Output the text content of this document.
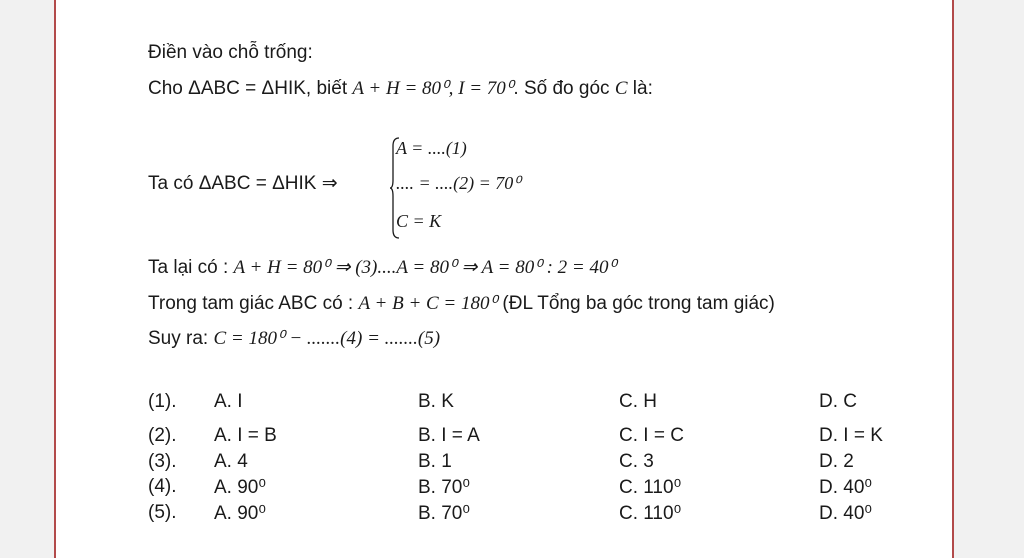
Điền vào chỗ trống:
Cho ΔABC = ΔHIK, biết A + H = 80⁰, I = 70⁰. Số đo góc C là:
Ta có ΔABC = ΔHIK ⇒
A = ....(1)
.... = ....(2) = 70⁰
C = K
Ta lại có : A + H = 80⁰ ⇒ (3)....A = 80⁰ ⇒ A = 80⁰ : 2 = 40⁰
Trong tam giác ABC có : A + B + C = 180⁰ (ĐL Tổng ba góc trong tam giác)
Suy ra: C = 180⁰ − .......(4) = .......(5)
(1). A. I	B. K	C. H	D. C
(2). A. I = B	B. I = A	C. I = C	D. I = K
(3). A. 4	B. 1	C. 3	D. 2
(4). A. 90⁰	B. 70⁰	C. 110⁰	D. 40⁰
(5). A. 90⁰	B. 70⁰	C. 110⁰	D. 40⁰
